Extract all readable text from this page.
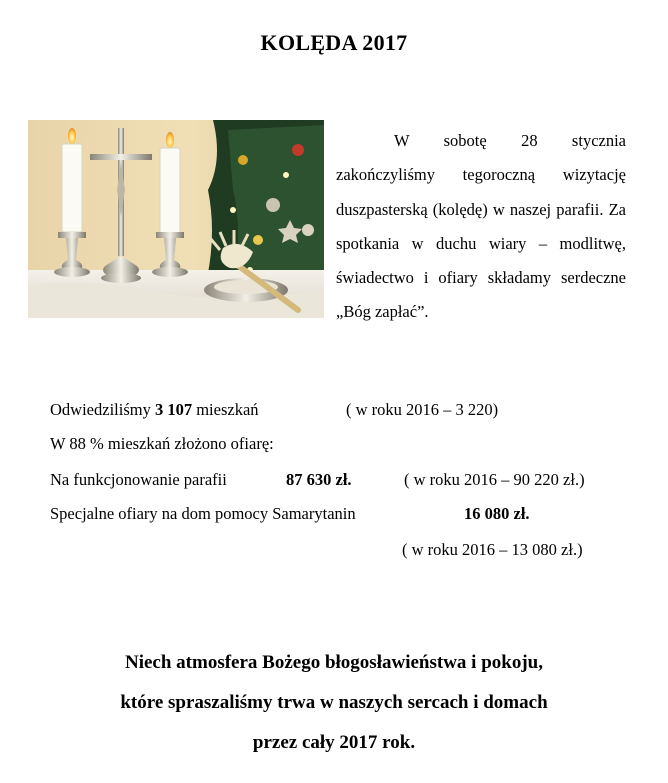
KOLĘDA 2017

W sobotę 28 stycznia zakończyliśmy tegoroczną wizytację duszpasterską (kolędę) w naszej parafii. Za spotkania w duchu wiary – modlitwę, świadectwo i ofiary składamy serdeczne „Bóg zapłać”.

Odwiedziliśmy 3 107 mieszkań	( w roku 2016 – 3 220)
W 88 % mieszkań złożono ofiarę:
Na funkcjonowanie parafii	87 630 zł.	( w roku 2016 – 90 220 zł.)
Specjalne ofiary na dom pomocy Samarytanin	16 080 zł.
( w roku 2016 – 13 080 zł.)
Niech atmosfera Bożego błogosławieństwa i pokoju,
które spraszaliśmy trwa w naszych sercach i domach
przez cały 2017 rok.
